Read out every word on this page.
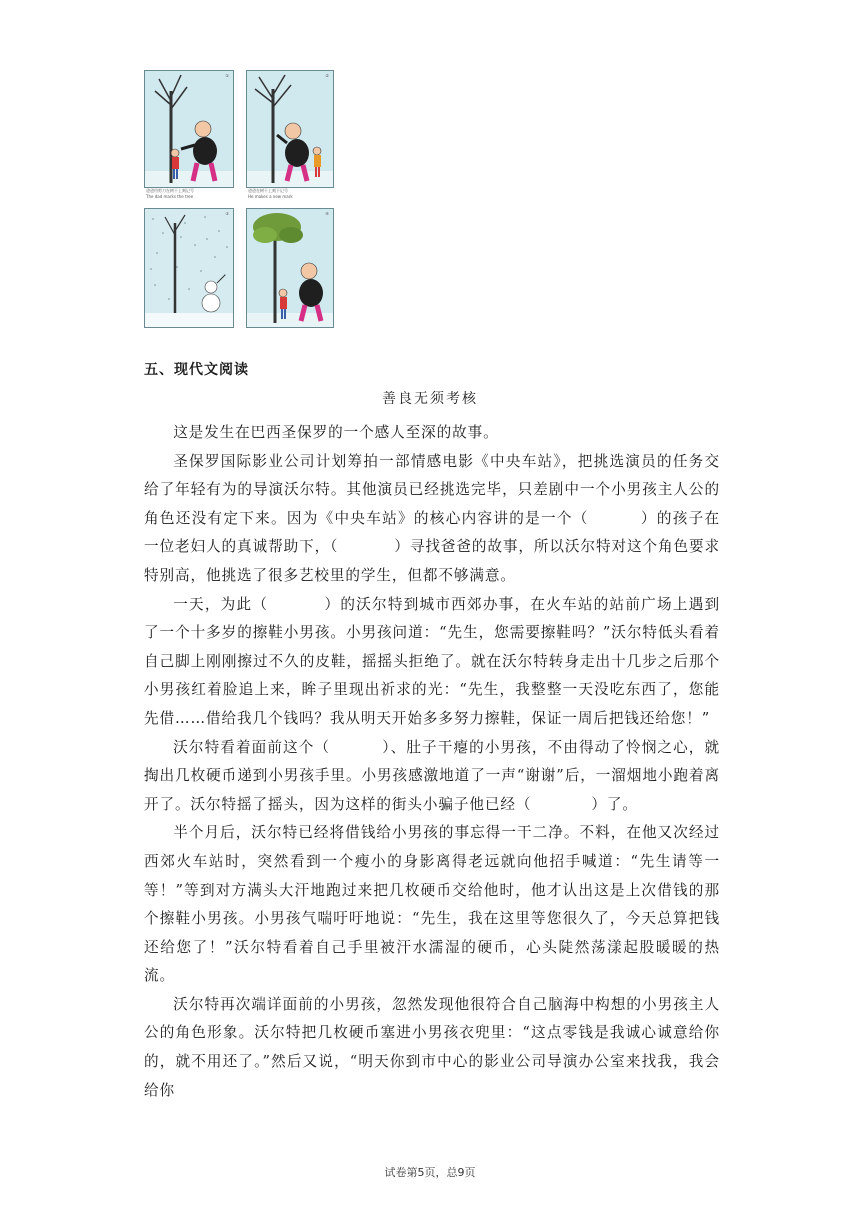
①
爸爸用剪刀在树干上刻记号
The dad marks the tree
②
爸爸在树干上刻下记号
He makes a new mark
③	④
五、现代文阅读
善良无须考核

这是发生在巴西圣保罗的一个感人至深的故事。

圣保罗国际影业公司计划筹拍一部情感电影《中央车站》，把挑选演员的任务交给了年轻有为的导演沃尔特。其他演员已经挑选完毕，只差剧中一个小男孩主人公的角色还没有定下来。因为《中央车站》的核心内容讲的是一个（	）的孩子在一位老妇人的真诚帮助下，（	）寻找爸爸的故事，所以沃尔特对这个角色要求特别高，他挑选了很多艺校里的学生，但都不够满意。

一天，为此（	）的沃尔特到城市西郊办事，在火车站的站前广场上遇到了一个十多岁的擦鞋小男孩。小男孩问道：“先生，您需要擦鞋吗？”沃尔特低头看着自己脚上刚刚擦过不久的皮鞋，摇摇头拒绝了。就在沃尔特转身走出十几步之后那个小男孩红着脸追上来，眸子里现出祈求的光：“先生，我整整一天没吃东西了，您能先借……借给我几个钱吗？我从明天开始多多努力擦鞋，保证一周后把钱还给您！”

沃尔特看着面前这个（	）、肚子干瘪的小男孩，不由得动了怜悯之心，就掏出几枚硬币递到小男孩手里。小男孩感激地道了一声“谢谢”后，一溜烟地小跑着离开了。沃尔特摇了摇头，因为这样的街头小骗子他已经（	）了。

半个月后，沃尔特已经将借钱给小男孩的事忘得一干二净。不料，在他又次经过西郊火车站时，突然看到一个瘦小的身影离得老远就向他招手喊道：“先生请等一等！”等到对方满头大汗地跑过来把几枚硬币交给他时，他才认出这是上次借钱的那个擦鞋小男孩。小男孩气喘吁吁地说：“先生，我在这里等您很久了，今天总算把钱还给您了！”沃尔特看着自己手里被汗水濡湿的硬币，心头陡然荡漾起股暖暖的热流。

沃尔特再次端详面前的小男孩，忽然发现他很符合自己脑海中构想的小男孩主人公的角色形象。沃尔特把几枚硬币塞进小男孩衣兜里：“这点零钱是我诚心诚意给你的，就不用还了。”然后又说，“明天你到市中心的影业公司导演办公室来找我，我会给你

试卷第5页，总9页
